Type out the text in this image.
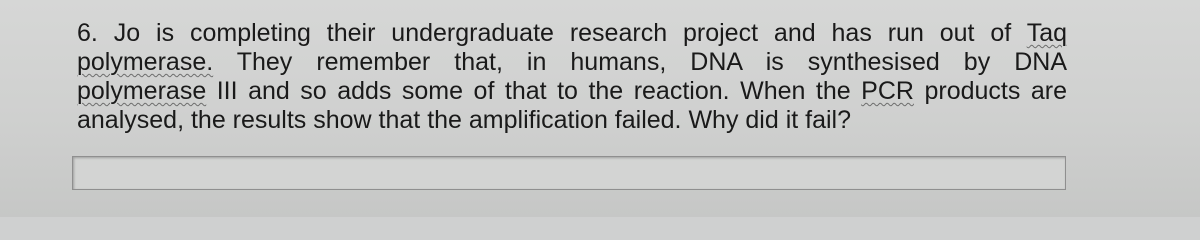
6. Jo is completing their undergraduate research project and has run out of Taq
polymerase. They remember that, in humans, DNA is synthesised by DNA
polymerase III and so adds some of that to the reaction. When the PCR products are
analysed, the results show that the amplification failed. Why did it fail?
